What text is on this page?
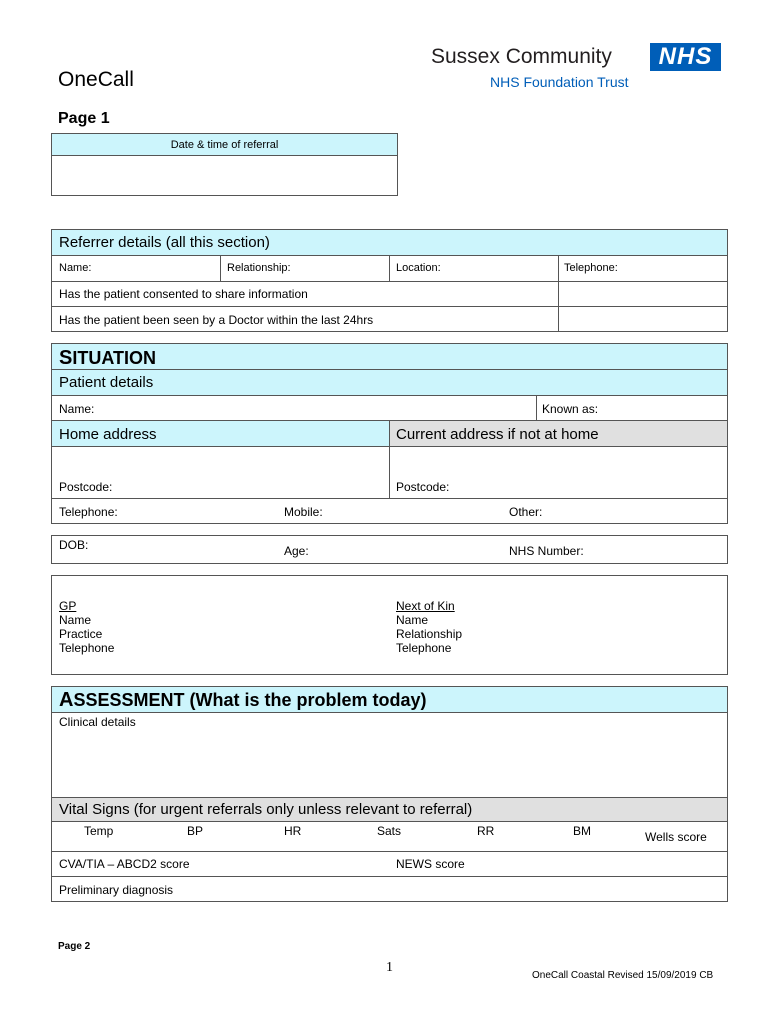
OneCall
Page 1
Sussex Community
NHS Foundation Trust
NHS
Date & time of referral
Referrer details (all this section)
Name:	Relationship:	Location:	Telephone:
Has the patient consented to share information
Has the patient been seen by a Doctor within the last 24hrs
SITUATION
Patient details
Name:	Known as:
Home address	Current address if not at home
Postcode:	Postcode:
Telephone:	Mobile:	Other:
DOB:	Age:	NHS Number:
GP
Name
Practice
Telephone
Next of Kin
Name
Relationship
Telephone
ASSESSMENT (What is the problem today)
Clinical details
Vital Signs (for urgent referrals only unless relevant to referral)
Temp	BP	HR	Sats	RR	BM	Wells score
CVA/TIA – ABCD2 score	NEWS score
Preliminary diagnosis
Page 2
1
OneCall Coastal Revised 15/09/2019 CB
